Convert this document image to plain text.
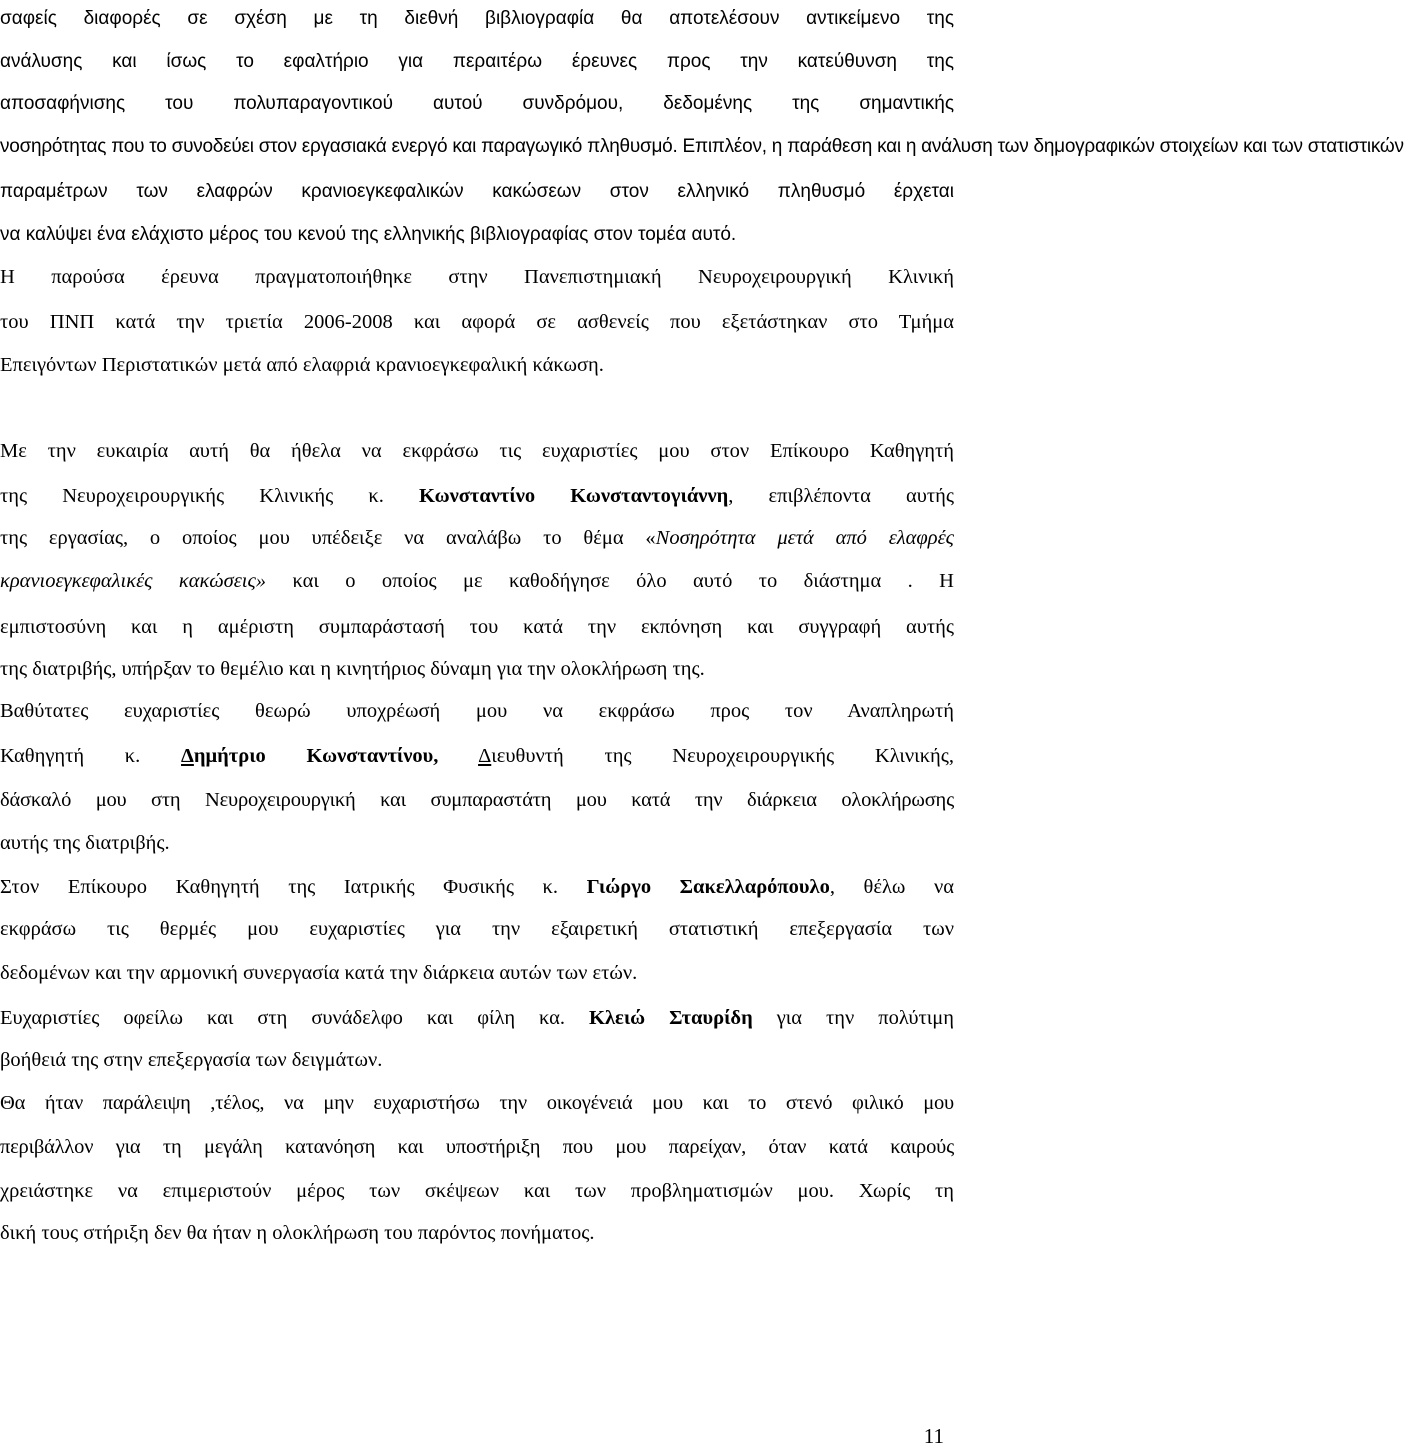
σαφείς διαφορές σε σχέση με τη διεθνή βιβλιογραφία θα αποτελέσουν αντικείμενο της
ανάλυσης και ίσως το εφαλτήριο για περαιτέρω έρευνες προς την κατεύθυνση της
αποσαφήνισης του πολυπαραγοντικού αυτού συνδρόμου, δεδομένης της σημαντικής
νοσηρότητας που το συνοδεύει στον εργασιακά ενεργό και παραγωγικό πληθυσμό. Επιπλέον, η παράθεση και η ανάλυση των δημογραφικών στοιχείων και των στατιστικών
παραμέτρων των ελαφρών κρανιοεγκεφαλικών κακώσεων στον ελληνικό πληθυσμό έρχεται
να καλύψει ένα ελάχιστο μέρος του κενού της ελληνικής βιβλιογραφίας στον τομέα αυτό.
Η παρούσα έρευνα πραγματοποιήθηκε στην Πανεπιστημιακή Νευροχειρουργική Κλινική
του ΠΝΠ κατά την τριετία 2006-2008 και αφορά σε ασθενείς που εξετάστηκαν στο Τμήμα
Επειγόντων Περιστατικών μετά από ελαφριά κρανιοεγκεφαλική κάκωση.
Με την ευκαιρία αυτή θα ήθελα να εκφράσω τις ευχαριστίες μου στον Επίκουρο Καθηγητή
της Νευροχειρουργικής Κλινικής κ. Κωνσταντίνο Κωνσταντογιάννη, επιβλέποντα αυτής
της εργασίας, ο οποίος μου υπέδειξε να αναλάβω το θέμα «Νοσηρότητα μετά από ελαφρές
κρανιοεγκεφαλικές κακώσεις» και ο οποίος με καθοδήγησε όλο αυτό το διάστημα . Η
εμπιστοσύνη και η αμέριστη συμπαράστασή του κατά την εκπόνηση και συγγραφή αυτής
της διατριβής, υπήρξαν το θεμέλιο και η κινητήριος δύναμη για την ολοκλήρωση της.
Βαθύτατες ευχαριστίες θεωρώ υποχρέωσή μου να εκφράσω προς τον Αναπληρωτή
Καθηγητή κ. Δημήτριο Κωνσταντίνου, Διευθυντή της Νευροχειρουργικής Κλινικής,
δάσκαλό μου στη Νευροχειρουργική και συμπαραστάτη μου κατά την διάρκεια ολοκλήρωσης
αυτής της διατριβής.
Στον Επίκουρο Καθηγητή της Ιατρικής Φυσικής κ. Γιώργο Σακελλαρόπουλο, θέλω να
εκφράσω τις θερμές μου ευχαριστίες για την εξαιρετική στατιστική επεξεργασία των
δεδομένων και την αρμονική συνεργασία κατά την διάρκεια αυτών των ετών.
Ευχαριστίες οφείλω και στη συνάδελφο και φίλη κα. Κλειώ Σταυρίδη για την πολύτιμη
βοήθειά της στην επεξεργασία των δειγμάτων.
Θα ήταν παράλειψη ,τέλος, να μην ευχαριστήσω την οικογένειά μου και το στενό φιλικό μου
περιβάλλον για τη μεγάλη κατανόηση και υποστήριξη που μου παρείχαν, όταν κατά καιρούς
χρειάστηκε να επιμεριστούν μέρος των σκέψεων και των προβληματισμών μου. Χωρίς τη
δική τους στήριξη δεν θα ήταν η ολοκλήρωση του παρόντος πονήματος.
11
